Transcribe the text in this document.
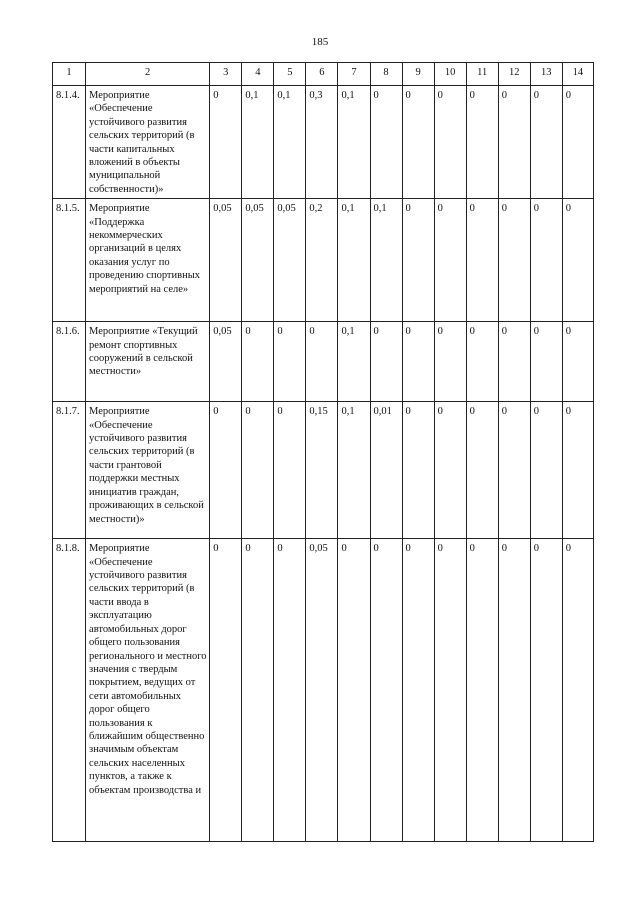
185
1	2	3	4	5	6	7	8	9	10	11	12	13	14
8.1.4.	Мероприятие «Обеспечение устойчивого развития сельских территорий (в части капитальных вложений в объекты муниципальной собственности)»	0	0,1	0,1	0,3	0,1	0	0	0	0	0	0	0
8.1.5.	Мероприятие «Поддержка некоммерческих организаций в целях оказания услуг по проведению спортивных мероприятий на селе»	0,05	0,05	0,05	0,2	0,1	0,1	0	0	0	0	0	0
8.1.6.	Мероприятие «Текущий ремонт спортивных сооружений в сельской местности»	0,05	0	0	0	0,1	0	0	0	0	0	0	0
8.1.7.	Мероприятие «Обеспечение устойчивого развития сельских территорий (в части грантовой поддержки местных инициатив граждан, проживающих в сельской местности)»	0	0	0	0,15	0,1	0,01	0	0	0	0	0	0
8.1.8.	Мероприятие «Обеспечение устойчивого развития сельских территорий (в части ввода в эксплуатацию автомобильных дорог общего пользования регионального и местного значения с твердым покрытием, ведущих от сети автомобильных дорог общего пользования к ближайшим общественно значимым объектам сельских населенных пунктов, а также к объектам производства и	0	0	0	0,05	0	0	0	0	0	0	0	0
